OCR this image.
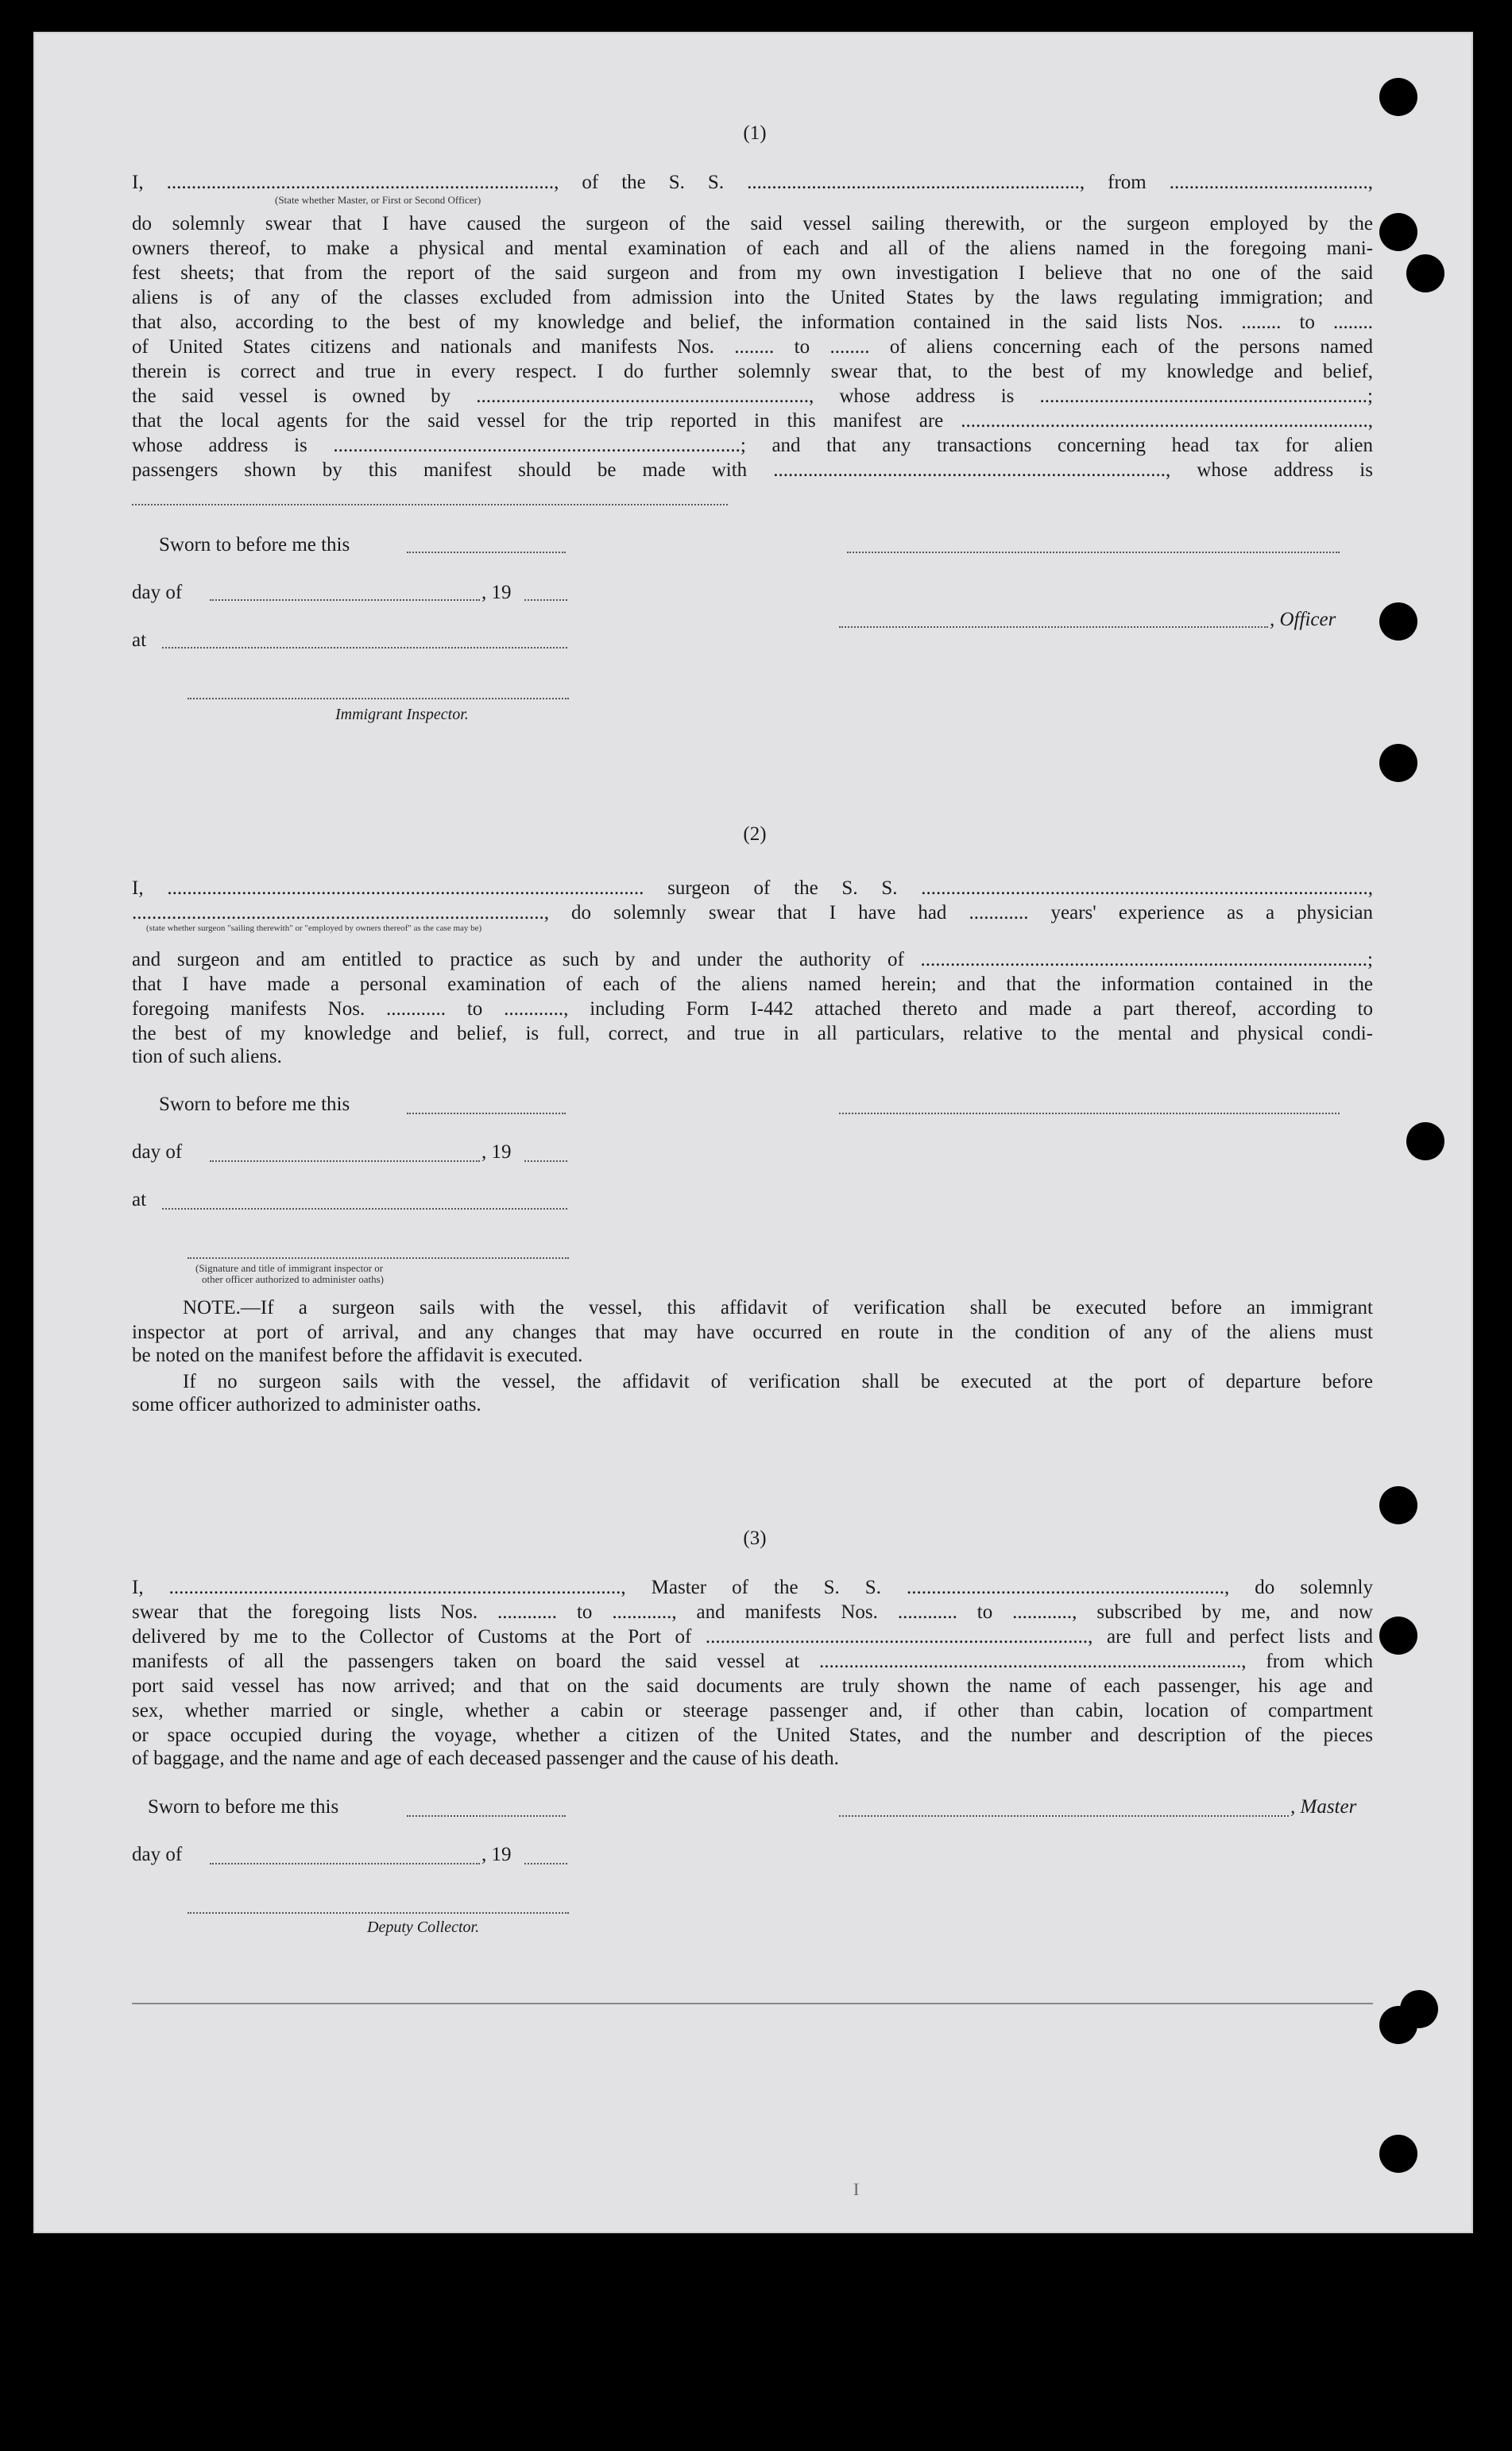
(1)
I, .............................................................................., of the S. S. ..................................................................., from ........................................,
(State whether Master, or First or Second Officer)
do solemnly swear that I have caused the surgeon of the said vessel sailing therewith, or the surgeon employed by the
owners thereof, to make a physical and mental examination of each and all of the aliens named in the foregoing mani-
fest sheets; that from the report of the said surgeon and from my own investigation I believe that no one of the said
aliens is of any of the classes excluded from admission into the United States by the laws regulating immigration; and
that also, according to the best of my knowledge and belief, the information contained in the said lists Nos. ........ to ........
of United States citizens and nationals and manifests Nos. ........ to ........ of aliens concerning each of the persons named
therein is correct and true in every respect. I do further solemnly swear that, to the best of my knowledge and belief,
the said vessel is owned by ..................................................................., whose address is ..................................................................;
that the local agents for the said vessel for the trip reported in this manifest are ..................................................................................,
whose address is ..................................................................................; and that any transactions concerning head tax for alien
passengers shown by this manifest should be made with ..............................................................................., whose address is
Sworn to before me this
day of	, 19
, Officer
at
Immigrant Inspector.
(2)
I, ................................................................................................ surgeon of the S. S. ..........................................................................................,
..................................................................................., do solemnly swear that I have had ............ years' experience as a physician
(state whether surgeon "sailing therewith" or "employed by owners thereof" as the case may be)
and surgeon and am entitled to practice as such by and under the authority of ..........................................................................................;
that I have made a personal examination of each of the aliens named herein; and that the information contained in the
foregoing manifests Nos. ............ to ............, including Form I-442 attached thereto and made a part thereof, according to
the best of my knowledge and belief, is full, correct, and true in all particulars, relative to the mental and physical condi-
tion of such aliens.
Sworn to before me this
day of	, 19
at
(Signature and title of immigrant inspector or
other officer authorized to administer oaths)
NOTE.—If a surgeon sails with the vessel, this affidavit of verification shall be executed before an immigrant
inspector at port of arrival, and any changes that may have occurred en route in the condition of any of the aliens must
be noted on the manifest before the affidavit is executed.
If no surgeon sails with the vessel, the affidavit of verification shall be executed at the port of departure before
some officer authorized to administer oaths.
(3)
I, ..........................................................................................., Master of the S. S. ................................................................, do solemnly
swear that the foregoing lists Nos. ............ to ............, and manifests Nos. ............ to ............, subscribed by me, and now
delivered by me to the Collector of Customs at the Port of ............................................................................., are full and perfect lists and
manifests of all the passengers taken on board the said vessel at ....................................................................................., from which
port said vessel has now arrived; and that on the said documents are truly shown the name of each passenger, his age and
sex, whether married or single, whether a cabin or steerage passenger and, if other than cabin, location of compartment
or space occupied during the voyage, whether a citizen of the United States, and the number and description of the pieces
of baggage, and the name and age of each deceased passenger and the cause of his death.
Sworn to before me this	, Master
day of	, 19
Deputy Collector.
I
